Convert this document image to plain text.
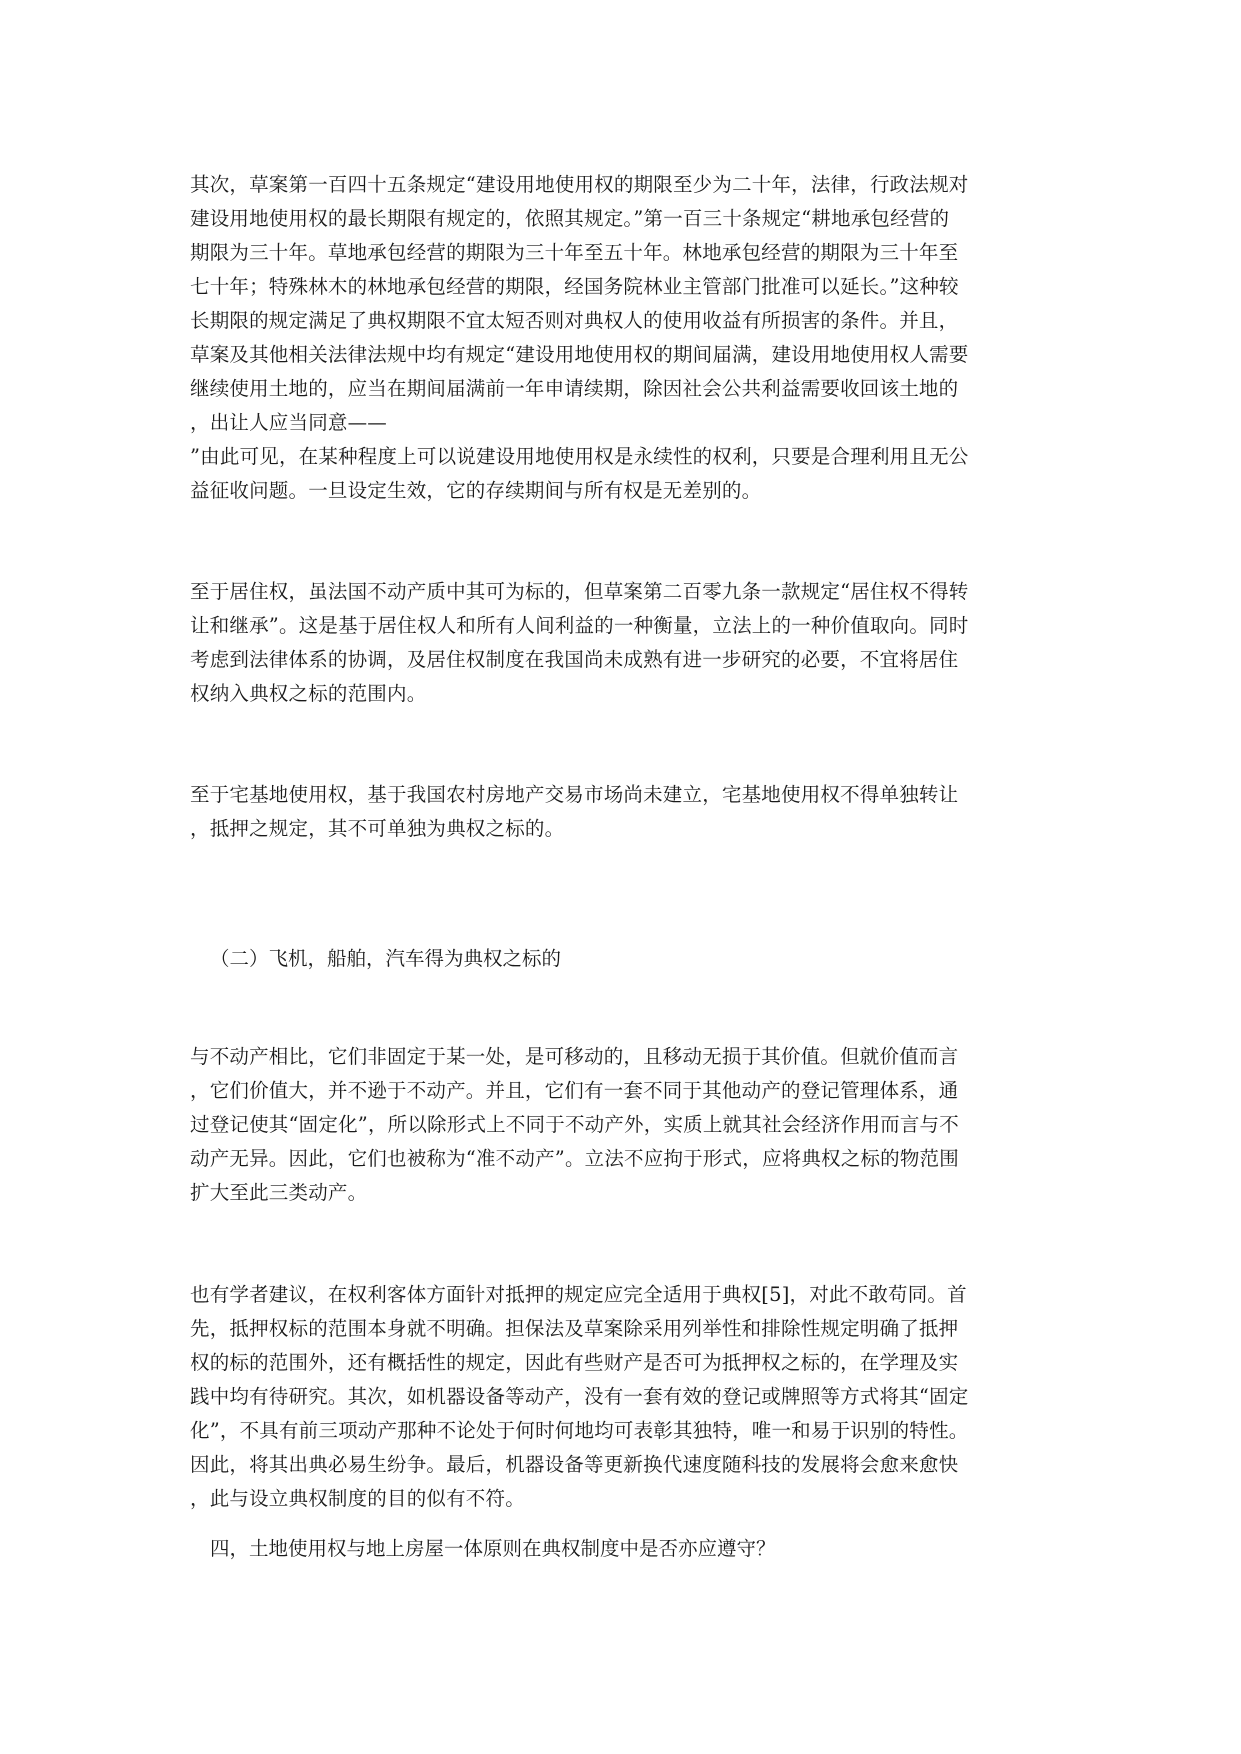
其次，草案第一百四十五条规定“建设用地使用权的期限至少为二十年，法律，行政法规对
建设用地使用权的最长期限有规定的，依照其规定。”第一百三十条规定“耕地承包经营的
期限为三十年。草地承包经营的期限为三十年至五十年。林地承包经营的期限为三十年至
七十年；特殊林木的林地承包经营的期限，经国务院林业主管部门批准可以延长。”这种较
长期限的规定满足了典权期限不宜太短否则对典权人的使用收益有所损害的条件。并且，
草案及其他相关法律法规中均有规定“建设用地使用权的期间届满，建设用地使用权人需要
继续使用土地的，应当在期间届满前一年申请续期，除因社会公共利益需要收回该土地的
，出让人应当同意——
”由此可见，在某种程度上可以说建设用地使用权是永续性的权利，只要是合理利用且无公
益征收问题。一旦设定生效，它的存续期间与所有权是无差别的。
至于居住权，虽法国不动产质中其可为标的，但草案第二百零九条一款规定“居住权不得转
让和继承”。这是基于居住权人和所有人间利益的一种衡量，立法上的一种价值取向。同时
考虑到法律体系的协调，及居住权制度在我国尚未成熟有进一步研究的必要，不宜将居住
权纳入典权之标的范围内。
至于宅基地使用权，基于我国农村房地产交易市场尚未建立，宅基地使用权不得单独转让
，抵押之规定，其不可单独为典权之标的。
（二）飞机，船舶，汽车得为典权之标的
与不动产相比，它们非固定于某一处，是可移动的，且移动无损于其价值。但就价值而言
，它们价值大，并不逊于不动产。并且，它们有一套不同于其他动产的登记管理体系，通
过登记使其“固定化”，所以除形式上不同于不动产外，实质上就其社会经济作用而言与不
动产无异。因此，它们也被称为“准不动产”。立法不应拘于形式，应将典权之标的物范围
扩大至此三类动产。
也有学者建议，在权利客体方面针对抵押的规定应完全适用于典权[5]，对此不敢苟同。首
先，抵押权标的范围本身就不明确。担保法及草案除采用列举性和排除性规定明确了抵押
权的标的范围外，还有概括性的规定，因此有些财产是否可为抵押权之标的，在学理及实
践中均有待研究。其次，如机器设备等动产，没有一套有效的登记或牌照等方式将其“固定
化”，不具有前三项动产那种不论处于何时何地均可表彰其独特，唯一和易于识别的特性。
因此，将其出典必易生纷争。最后，机器设备等更新换代速度随科技的发展将会愈来愈快
，此与设立典权制度的目的似有不符。
四，土地使用权与地上房屋一体原则在典权制度中是否亦应遵守？
